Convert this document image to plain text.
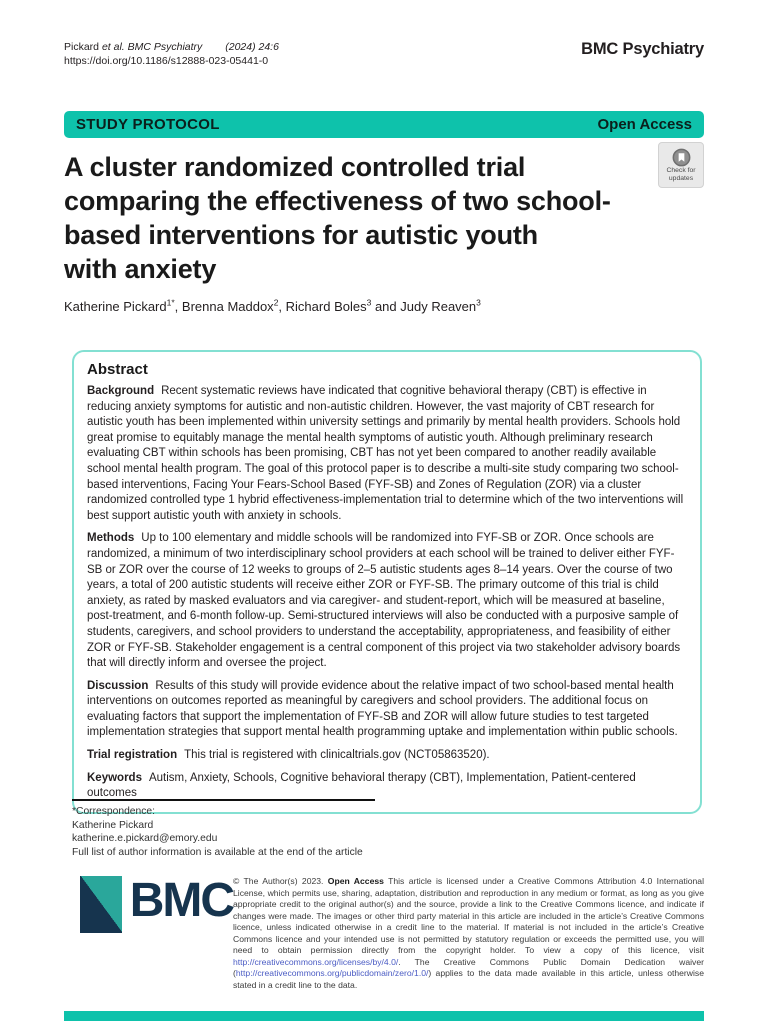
Pickard et al. BMC Psychiatry (2024) 24:6
https://doi.org/10.1186/s12888-023-05441-0
BMC Psychiatry
STUDY PROTOCOL	Open Access
Check for
updates
A cluster randomized controlled trial
comparing the effectiveness of two school-
based interventions for autistic youth
with anxiety
Katherine Pickard$^{1*}$, Brenna Maddox$^2$, Richard Boles$^3$ and Judy Reaven$^3$
Abstract

Background Recent systematic reviews have indicated that cognitive behavioral therapy (CBT) is effective in reducing anxiety symptoms for autistic and non-autistic children. However, the vast majority of CBT research for autistic youth has been implemented within university settings and primarily by mental health providers. Schools hold great promise to equitably manage the mental health symptoms of autistic youth. Although preliminary research evaluating CBT within schools has been promising, CBT has not yet been compared to another readily available school mental health program. The goal of this protocol paper is to describe a multi-site study comparing two school-based interventions, Facing Your Fears-School Based (FYF-SB) and Zones of Regulation (ZOR) via a cluster randomized controlled type 1 hybrid effectiveness-implementation trial to determine which of the two interventions will best support autistic youth with anxiety in schools.

Methods Up to 100 elementary and middle schools will be randomized into FYF-SB or ZOR. Once schools are randomized, a minimum of two interdisciplinary school providers at each school will be trained to deliver either FYF-SB or ZOR over the course of 12 weeks to groups of 2–5 autistic students ages 8–14 years. Over the course of two years, a total of 200 autistic students will receive either ZOR or FYF-SB. The primary outcome of this trial is child anxiety, as rated by masked evaluators and via caregiver- and student-report, which will be measured at baseline, post-treatment, and 6-month follow-up. Semi-structured interviews will also be conducted with a purposive sample of students, caregivers, and school providers to understand the acceptability, appropriateness, and feasibility of either ZOR or FYF-SB. Stakeholder engagement is a central component of this project via two stakeholder advisory boards that will directly inform and oversee the project.

Discussion Results of this study will provide evidence about the relative impact of two school-based mental health interventions on outcomes reported as meaningful by caregivers and school providers. The additional focus on evaluating factors that support the implementation of FYF-SB and ZOR will allow future studies to test targeted implementation strategies that support mental health programming uptake and implementation within public schools.

Trial registration This trial is registered with clinicaltrials.gov (NCT05863520).

Keywords Autism, Anxiety, Schools, Cognitive behavioral therapy (CBT), Implementation, Patient-centered outcomes

*Correspondence:
Katherine Pickard
katherine.e.pickard@emory.edu
Full list of author information is available at the end of the article
BMC © The Author(s) 2023. Open Access This article is licensed under a Creative Commons Attribution 4.0 International License, which permits use, sharing, adaptation, distribution and reproduction in any medium or format, as long as you give appropriate credit to the original author(s) and the source, provide a link to the Creative Commons licence, and indicate if changes were made. The images or other third party material in this article are included in the article’s Creative Commons licence, unless indicated otherwise in a credit line to the material. If material is not included in the article’s Creative Commons licence and your intended use is not permitted by statutory regulation or exceeds the permitted use, you will need to obtain permission directly from the copyright holder. To view a copy of this licence, visit http://creativecommons.org/licenses/by/4.0/. The Creative Commons Public Domain Dedication waiver (http://creativecommons.org/publicdomain/zero/1.0/) applies to the data made available in this article, unless otherwise stated in a credit line to the data.
